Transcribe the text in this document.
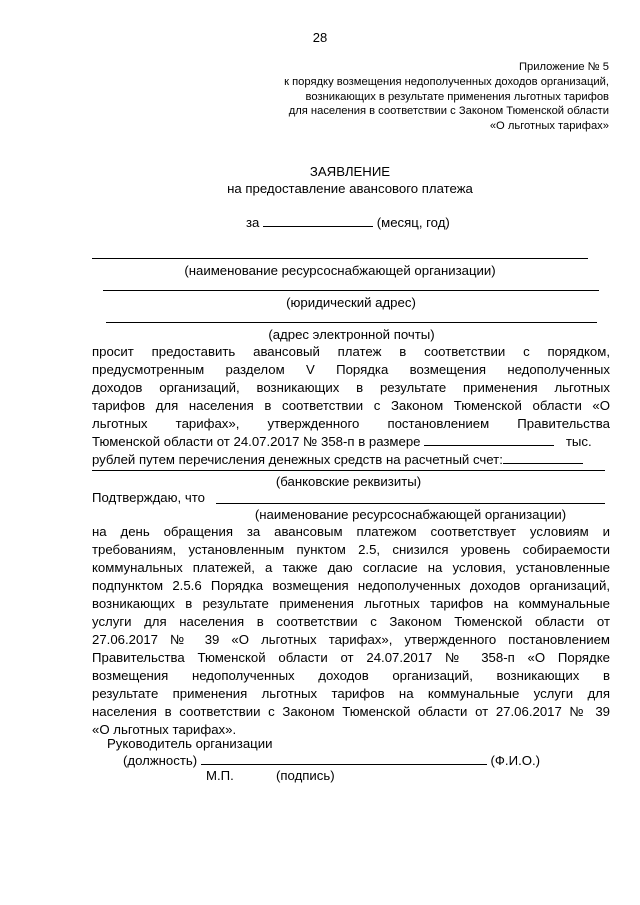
28
Приложение № 5
к порядку возмещения недополученных доходов организаций,
возникающих в результате применения льготных тарифов
для населения в соответствии с Законом Тюменской области
«О льготных тарифах»
ЗАЯВЛЕНИЕ
на предоставление авансового платежа
за	(месяц, год)
(наименование ресурсоснабжающей организации)
(юридический адрес)
(адрес электронной почты)
просит предоставить авансовый платеж в соответствии с порядком,
предусмотренным разделом V Порядка возмещения недополученных
доходов организаций, возникающих в результате применения льготных
тарифов для населения в соответствии с Законом Тюменской области «О
льготных тарифах», утвержденного постановлением Правительства
Тюменской области от 24.07.2017 № 358-п в размере	тыс.
рублей путем перечисления денежных средств на расчетный счет:
(банковские реквизиты)
Подтверждаю, что
(наименование ресурсоснабжающей организации)
на день обращения за авансовым платежом соответствует условиям и
требованиям, установленным пунктом 2.5, снизился уровень собираемости
коммунальных платежей, а также даю согласие на условия, установленные
подпунктом 2.5.6 Порядка возмещения недополученных доходов организаций,
возникающих в результате применения льготных тарифов на коммунальные
услуги для населения в соответствии с Законом Тюменской области от
27.06.2017 № 39 «О льготных тарифах», утвержденного постановлением
Правительства Тюменской области от 24.07.2017 № 358-п «О Порядке
возмещения недополученных доходов организаций, возникающих в
результате применения льготных тарифов на коммунальные услуги для
населения в соответствии с Законом Тюменской области от 27.06.2017 № 39
«О льготных тарифах».
Руководитель организации
(должность)	(Ф.И.О.)
М.П.	(подпись)
